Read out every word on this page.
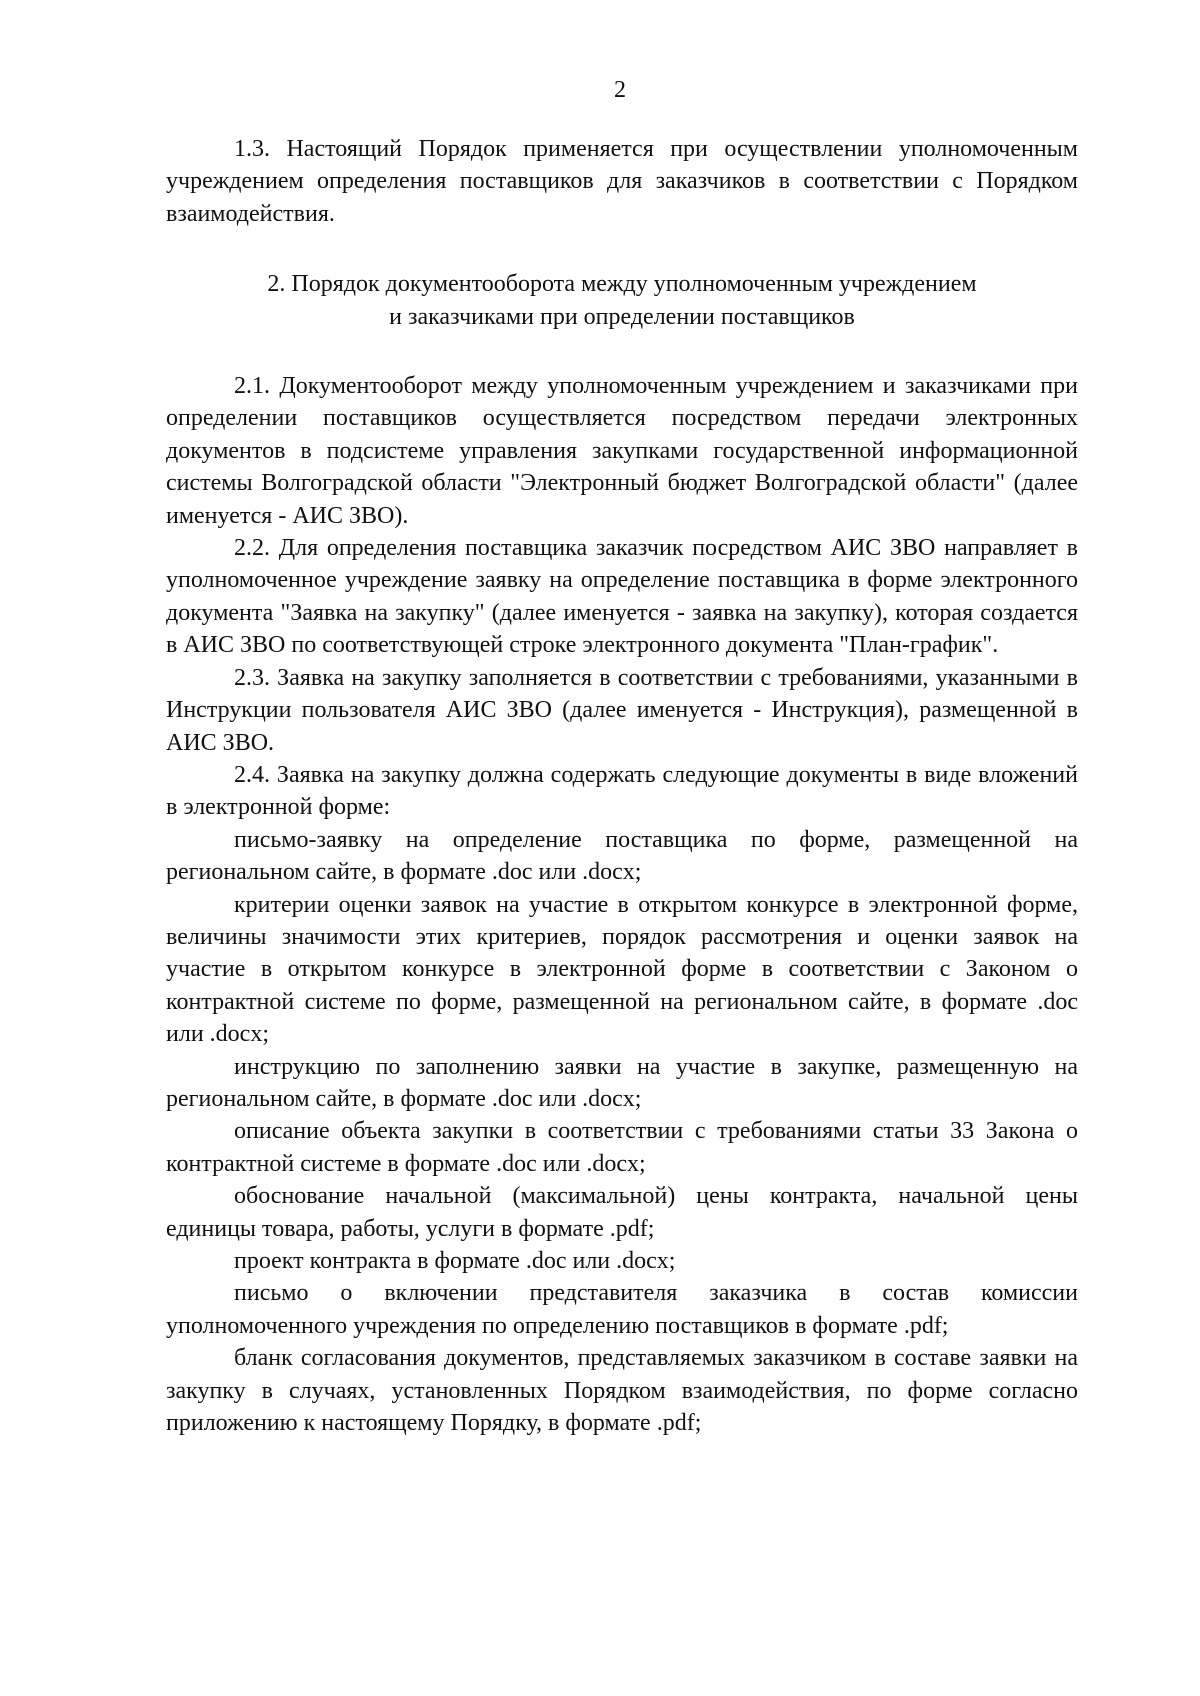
2

1.3. Настоящий Порядок применяется при осуществлении уполномоченным учреждением определения поставщиков для заказчиков в соответствии с Порядком взаимодействия.

2. Порядок документооборота между уполномоченным учреждением
и заказчиками при определении поставщиков

2.1. Документооборот между уполномоченным учреждением и заказчиками при определении поставщиков осуществляется посредством передачи электронных документов в подсистеме управления закупками государственной информационной системы Волгоградской области "Электронный бюджет Волгоградской области" (далее именуется - АИС ЗВО).

2.2. Для определения поставщика заказчик посредством АИС ЗВО направляет в уполномоченное учреждение заявку на определение поставщика в форме электронного документа "Заявка на закупку" (далее именуется - заявка на закупку), которая создается в АИС ЗВО по соответствующей строке электронного документа "План-график".

2.3. Заявка на закупку заполняется в соответствии с требованиями, указанными в Инструкции пользователя АИС ЗВО (далее именуется - Инструкция), размещенной в АИС ЗВО.

2.4. Заявка на закупку должна содержать следующие документы в виде вложений в электронной форме:

письмо-заявку на определение поставщика по форме, размещенной на региональном сайте, в формате .doc или .docx;

критерии оценки заявок на участие в открытом конкурсе в электронной форме, величины значимости этих критериев, порядок рассмотрения и оценки заявок на участие в открытом конкурсе в электронной форме в соответствии с Законом о контрактной системе по форме, размещенной на региональном сайте, в формате .doc или .docx;

инструкцию по заполнению заявки на участие в закупке, размещенную на региональном сайте, в формате .doc или .docx;

описание объекта закупки в соответствии с требованиями статьи 33 Закона о контрактной системе в формате .doc или .docx;

обоснование начальной (максимальной) цены контракта, начальной цены единицы товара, работы, услуги в формате .pdf;

проект контракта в формате .doc или .docx;

письмо о включении представителя заказчика в состав комиссии уполномоченного учреждения по определению поставщиков в формате .pdf;

бланк согласования документов, представляемых заказчиком в составе заявки на закупку в случаях, установленных Порядком взаимодействия, по форме согласно приложению к настоящему Порядку, в формате .pdf;
